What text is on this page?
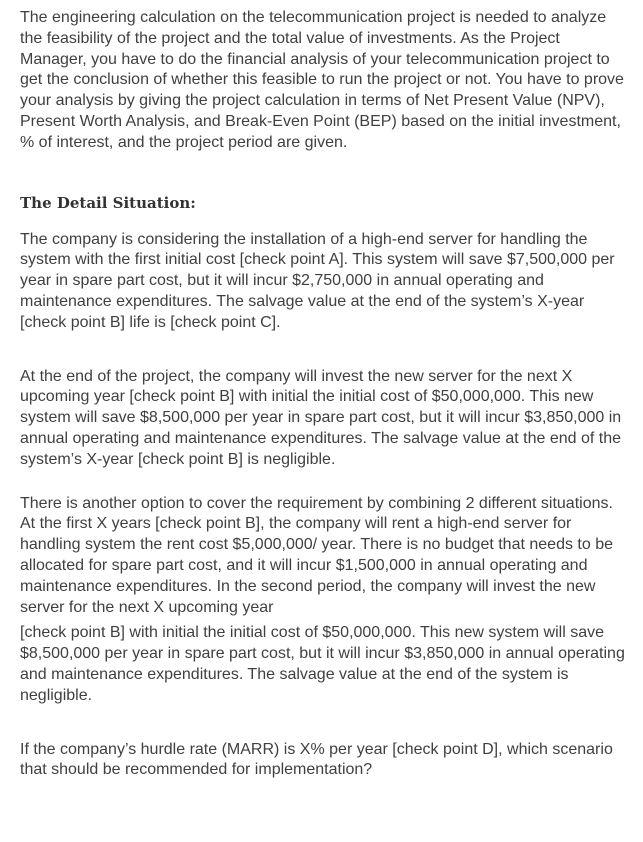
The engineering calculation on the telecommunication project is needed to analyze the feasibility of the project and the total value of investments. As the Project Manager, you have to do the financial analysis of your telecommunication project to get the conclusion of whether this feasible to run the project or not. You have to prove your analysis by giving the project calculation in terms of Net Present Value (NPV), Present Worth Analysis, and Break-Even Point (BEP) based on the initial investment, % of interest, and the project period are given.

The Detail Situation:

The company is considering the installation of a high-end server for handling the system with the first initial cost [check point A]. This system will save $7,500,000 per year in spare part cost, but it will incur $2,750,000 in annual operating and maintenance expenditures. The salvage value at the end of the system’s X-year [check point B] life is [check point C].

At the end of the project, the company will invest the new server for the next X upcoming year [check point B] with initial the initial cost of $50,000,000. This new system will save $8,500,000 per year in spare part cost, but it will incur $3,850,000 in annual operating and maintenance expenditures. The salvage value at the end of the system’s X-year [check point B] is negligible.

There is another option to cover the requirement by combining 2 different situations. At the first X years [check point B], the company will rent a high-end server for handling system the rent cost $5,000,000/ year. There is no budget that needs to be allocated for spare part cost, and it will incur $1,500,000 in annual operating and maintenance expenditures. In the second period, the company will invest the new server for the next X upcoming year

[check point B] with initial the initial cost of $50,000,000. This new system will save $8,500,000 per year in spare part cost, but it will incur $3,850,000 in annual operating and maintenance expenditures. The salvage value at the end of the system is negligible.

If the company’s hurdle rate (MARR) is X% per year [check point D], which scenario that should be recommended for implementation?
